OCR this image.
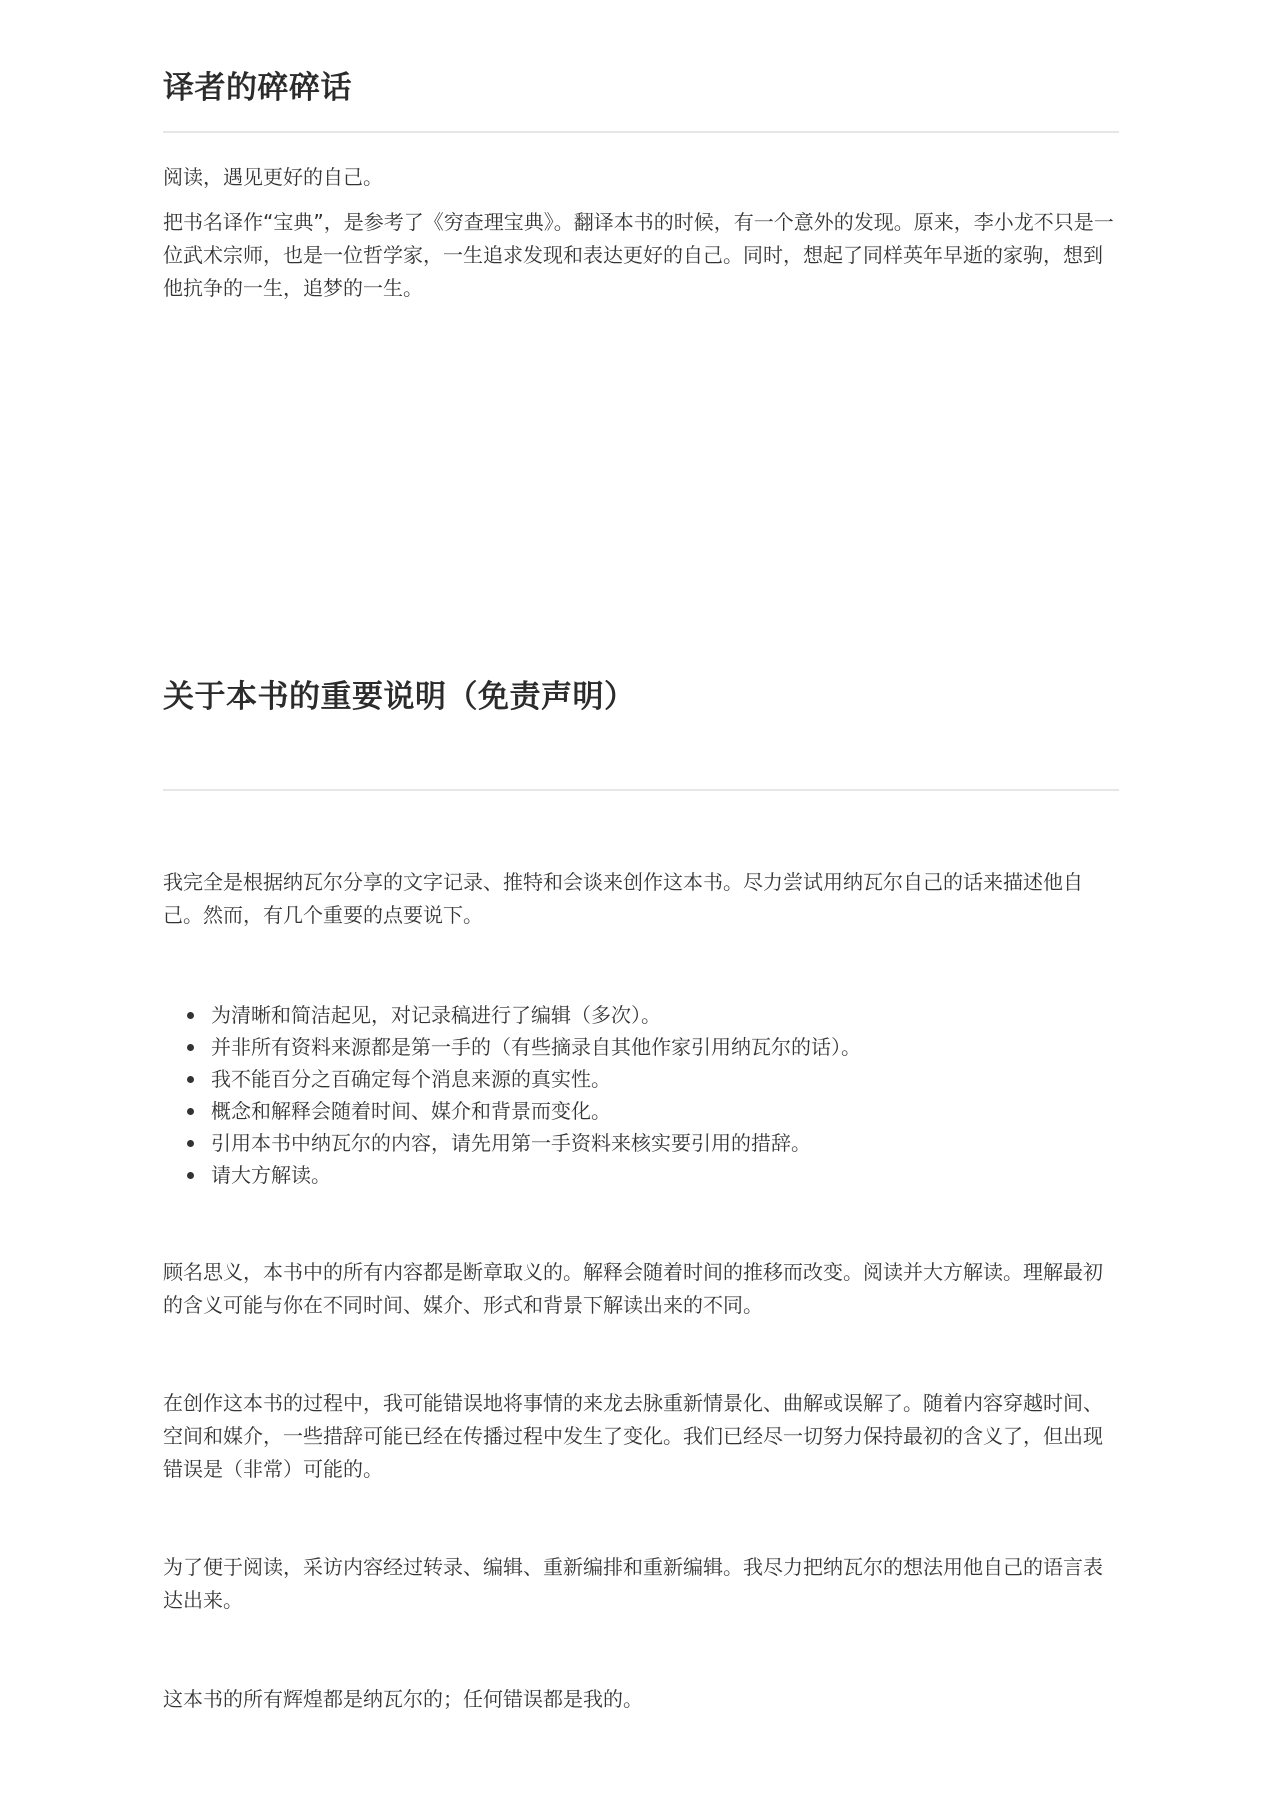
译者的碎碎话

阅读，遇见更好的自己。

把书名译作“宝典”，是参考了《穷查理宝典》。翻译本书的时候，有一个意外的发现。原来，李小龙不只是一位武术宗师，也是一位哲学家，一生追求发现和表达更好的自己。同时，想起了同样英年早逝的家驹，想到他抗争的一生，追梦的一生。

关于本书的重要说明（免责声明）

我完全是根据纳瓦尔分享的文字记录、推特和会谈来创作这本书。尽力尝试用纳瓦尔自己的话来描述他自己。然而，有几个重要的点要说下。

为清晰和简洁起见，对记录稿进行了编辑（多次）。
并非所有资料来源都是第一手的（有些摘录自其他作家引用纳瓦尔的话）。
我不能百分之百确定每个消息来源的真实性。
概念和解释会随着时间、媒介和背景而变化。
引用本书中纳瓦尔的内容，请先用第一手资料来核实要引用的措辞。
请大方解读。

顾名思义，本书中的所有内容都是断章取义的。解释会随着时间的推移而改变。阅读并大方解读。理解最初的含义可能与你在不同时间、媒介、形式和背景下解读出来的不同。

在创作这本书的过程中，我可能错误地将事情的来龙去脉重新情景化、曲解或误解了。随着内容穿越时间、空间和媒介，一些措辞可能已经在传播过程中发生了变化。我们已经尽一切努力保持最初的含义了，但出现错误是（非常）可能的。

为了便于阅读，采访内容经过转录、编辑、重新编排和重新编辑。我尽力把纳瓦尔的想法用他自己的语言表达出来。

这本书的所有辉煌都是纳瓦尔的；任何错误都是我的。
